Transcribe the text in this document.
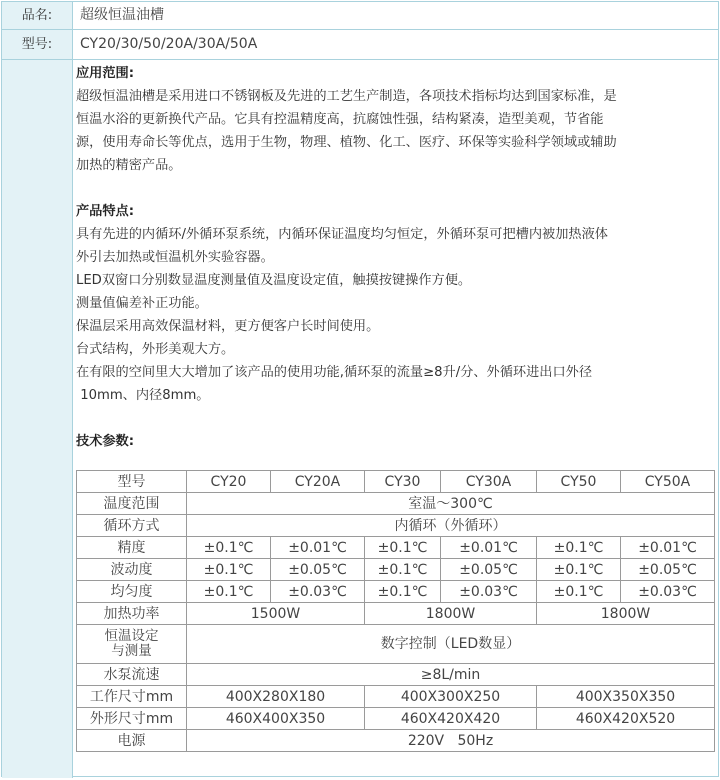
品名:	超级恒温油槽
型号:	CY20/30/50/20A/30A/50A
应用范围:

超级恒温油槽是采用进口不锈钢板及先进的工艺生产制造，各项技术指标均达到国家标准，是

恒温水浴的更新换代产品。它具有控温精度高，抗腐蚀性强，结构紧凑，造型美观，节省能

源，使用寿命长等优点，选用于生物，物理、植物、化工、医疗、环保等实验科学领域或辅助

加热的精密产品。

产品特点:

具有先进的内循环/外循环泵系统，内循环保证温度均匀恒定，外循环泵可把槽内被加热液体

外引去加热或恒温机外实验容器。

LED双窗口分别数显温度测量值及温度设定值，触摸按键操作方便。

测量值偏差补正功能。

保温层采用高效保温材料，更方便客户长时间使用。

台式结构，外形美观大方。

在有限的空间里大大增加了该产品的使用功能,循环泵的流量≥8升/分、外循环进出口外径

10mm、内径8mm。

技术参数:
型号	CY20	CY20A	CY30	CY30A	CY50	CY50A
温度范围	室温～300℃					
循环方式	内循环（外循环）					
精度	±0.1℃	±0.01℃	±0.1℃	±0.01℃	±0.1℃	±0.01℃
波动度	±0.1℃	±0.05℃	±0.1℃	±0.05℃	±0.1℃	±0.05℃
均匀度	±0.1℃	±0.03℃	±0.1℃	±0.03℃	±0.1℃	±0.03℃
加热功率	1500W		1800W		1800W	

恒温设定
与测量	数字控制（LED数显）					
水泵流速	≥8L/min					
工作尺寸mm	400X280X180		400X300X250		400X350X350	
外形尺寸mm	460X400X350		460X420X420		460X420X520	
电源	220V   50Hz					
